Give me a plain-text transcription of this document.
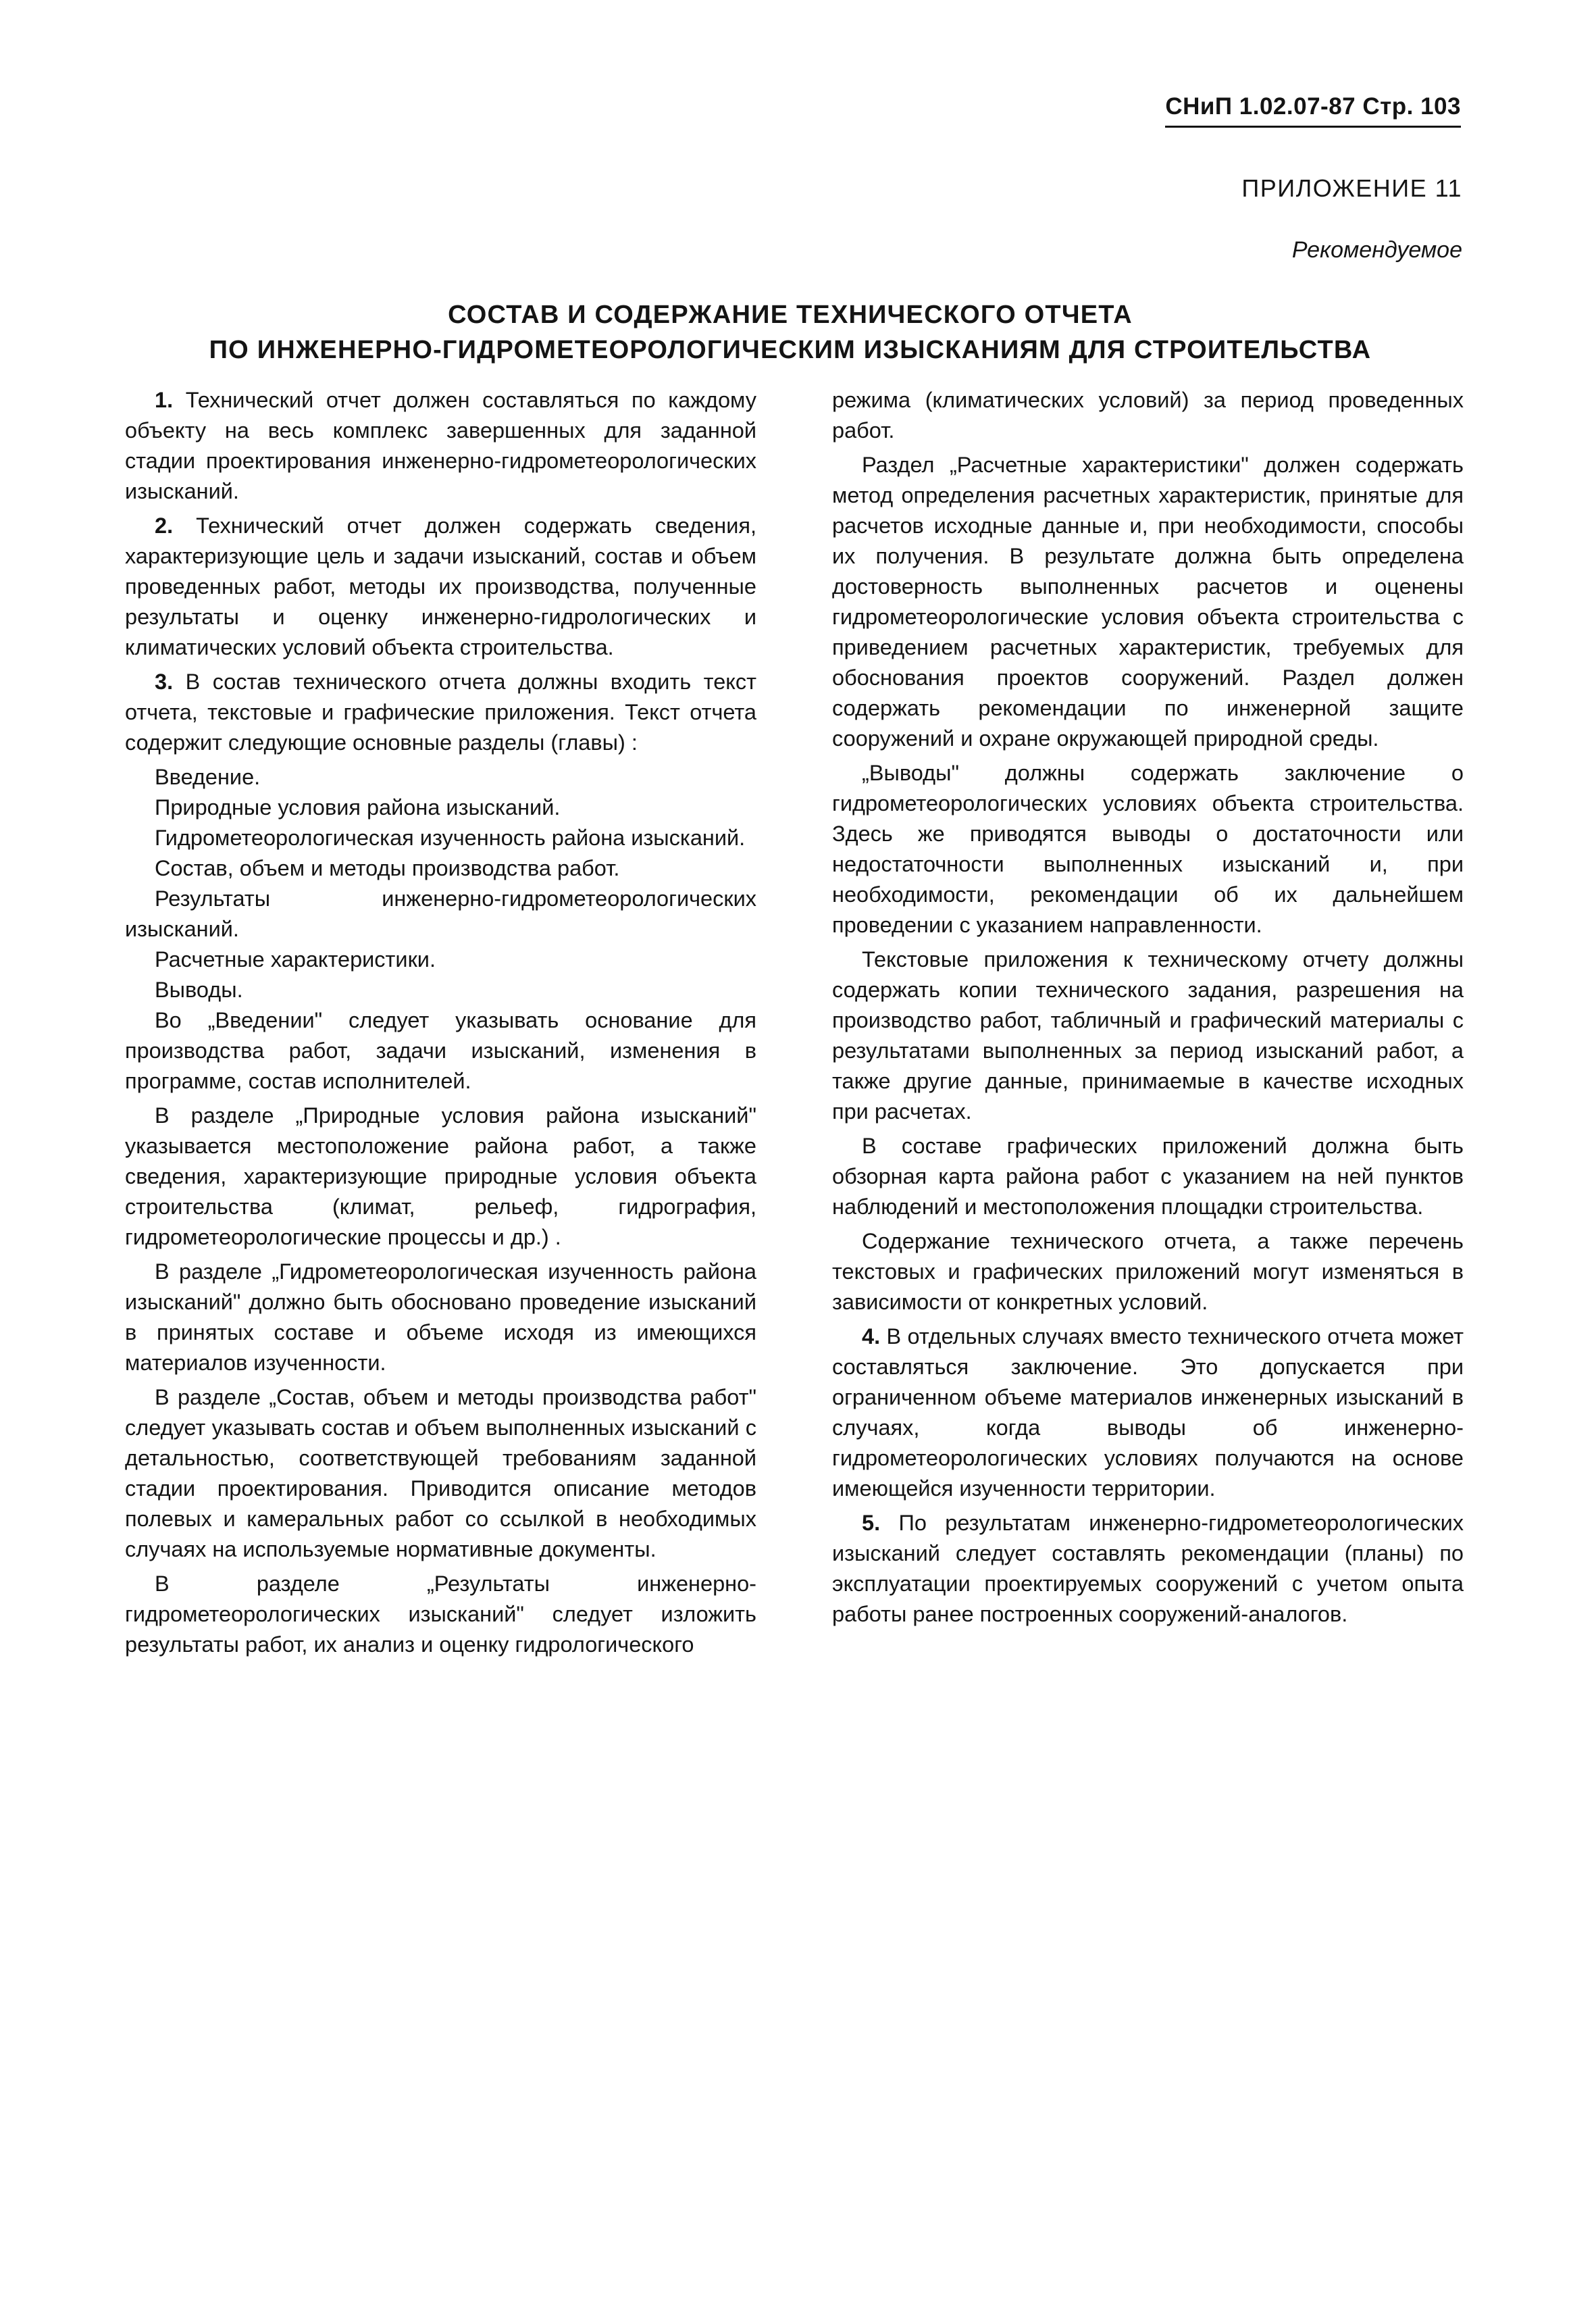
СНиП 1.02.07-87 Стр. 103
ПРИЛОЖЕНИЕ 11
Рекомендуемое
СОСТАВ И СОДЕРЖАНИЕ ТЕХНИЧЕСКОГО ОТЧЕТА
ПО ИНЖЕНЕРНО-ГИДРОМЕТЕОРОЛОГИЧЕСКИМ ИЗЫСКАНИЯМ ДЛЯ СТРОИТЕЛЬСТВА

1. Технический отчет должен составляться по каждому объекту на весь комплекс завершенных для заданной стадии проектирования инженерно-гидрометеорологических изысканий.

2. Технический отчет должен содержать сведения, характеризующие цель и задачи изысканий, состав и объем проведенных работ, методы их производства, полученные результаты и оценку инженерно-гидрологических и климатических условий объекта строительства.

3. В состав технического отчета должны входить текст отчета, текстовые и графические приложения. Текст отчета содержит следующие основные разделы (главы) :

Введение.

Природные условия района изысканий.

Гидрометеорологическая изученность района изысканий.

Состав, объем и методы производства работ.

Результаты инженерно-гидрометеорологических изысканий.

Расчетные характеристики.

Выводы.

Во „Введении" следует указывать основание для производства работ, задачи изысканий, изменения в программе, состав исполнителей.

В разделе „Природные условия района изысканий" указывается местоположение района работ, а также сведения, характеризующие природные условия объекта строительства (климат, рельеф, гидрография, гидрометеорологические процессы и др.) .

В разделе „Гидрометеорологическая изученность района изысканий" должно быть обосновано проведение изысканий в принятых составе и объеме исходя из имеющихся материалов изученности.

В разделе „Состав, объем и методы производства работ" следует указывать состав и объем выполненных изысканий с детальностью, соответствующей требованиям заданной стадии проектирования. Приводится описание методов полевых и камеральных работ со ссылкой в необходимых случаях на используемые нормативные документы.

В разделе „Результаты инженерно-гидрометеорологических изысканий" следует изложить результаты работ, их анализ и оценку гидрологического

режима (климатических условий) за период проведенных работ.

Раздел „Расчетные характеристики" должен содержать метод определения расчетных характеристик, принятые для расчетов исходные данные и, при необходимости, способы их получения. В результате должна быть определена достоверность выполненных расчетов и оценены гидрометеорологические условия объекта строительства с приведением расчетных характеристик, требуемых для обоснования проектов сооружений. Раздел должен содержать рекомендации по инженерной защите сооружений и охране окружающей природной среды.

„Выводы" должны содержать заключение о гидрометеорологических условиях объекта строительства. Здесь же приводятся выводы о достаточности или недостаточности выполненных изысканий и, при необходимости, рекомендации об их дальнейшем проведении с указанием направленности.

Текстовые приложения к техническому отчету должны содержать копии технического задания, разрешения на производство работ, табличный и графический материалы с результатами выполненных за период изысканий работ, а также другие данные, принимаемые в качестве исходных при расчетах.

В составе графических приложений должна быть обзорная карта района работ с указанием на ней пунктов наблюдений и местоположения площадки строительства.

Содержание технического отчета, а также перечень текстовых и графических приложений могут изменяться в зависимости от конкретных условий.

4. В отдельных случаях вместо технического отчета может составляться заключение. Это допускается при ограниченном объеме материалов инженерных изысканий в случаях, когда выводы об инженерно-гидрометеорологических условиях получаются на основе имеющейся изученности территории.

5. По результатам инженерно-гидрометеорологических изысканий следует составлять рекомендации (планы) по эксплуатации проектируемых сооружений с учетом опыта работы ранее построенных сооружений-аналогов.
